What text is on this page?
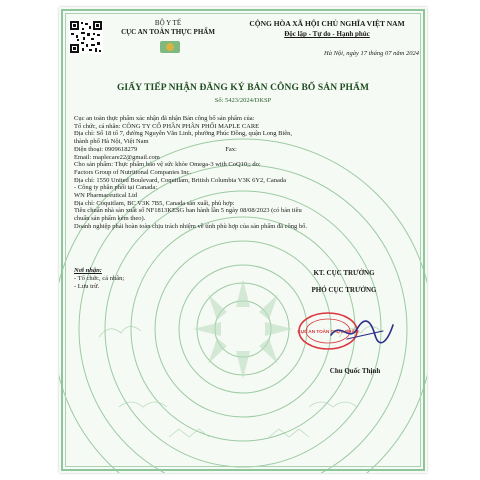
BỘ Y TẾ
CỤC AN TOÀN THỰC PHẨM
CỘNG HÒA XÃ HỘI CHỦ NGHĨA VIỆT NAM
Độc lập - Tự do - Hạnh phúc
Hà Nội, ngày 17 tháng 07 năm 2024
GIẤY TIẾP NHẬN ĐĂNG KÝ BẢN CÔNG BỐ SẢN PHẨM
Số: 5423/2024/DKSP
Cục an toàn thực phẩm xác nhận đã nhận Bản công bố sản phẩm của:
Tổ chức, cá nhân: CÔNG TY CỔ PHẦN PHÂN PHỐI MAPLE CARE
Địa chỉ: Số 18 tổ 7, đường Nguyễn Văn Linh, phường Phúc Đồng, quận Long Biên,
thành phố Hà Nội, Việt Nam
Điện thoại: 0909618279	Fax:
Email: maplecare22@gmail.com
Cho sản phẩm: Thực phẩm bảo vệ sức khỏe Omega-3 with CoQ10;; do:
Factors Group of Nutritional Companies Inc.
Địa chỉ: 1550 United Boulevard, Coquitlam, British Columbia V3K 6Y2, Canada
- Công ty phân phối tại Canada:
WN Pharmaceutical Ltd
Địa chỉ: Coquitlam, BC V3K 7B5, Canada sản xuất, phù hợp:
Tiêu chuẩn nhà sản xuất số NF1813KESG ban hành lần 5 ngày 08/08/2023 (có bản tiêu
chuẩn sản phẩm kèm theo).
Doanh nghiệp phải hoàn toàn chịu trách nhiệm về tính phù hợp của sản phẩm đã công bố.
Nơi nhận:
- Tổ chức, cá nhân;
- Lưu trữ.
KT. CỤC TRƯỞNG
PHÓ CỤC TRƯỞNG
CỤC AN TOÀN THỰC PHẨM
Chu Quốc Thịnh
